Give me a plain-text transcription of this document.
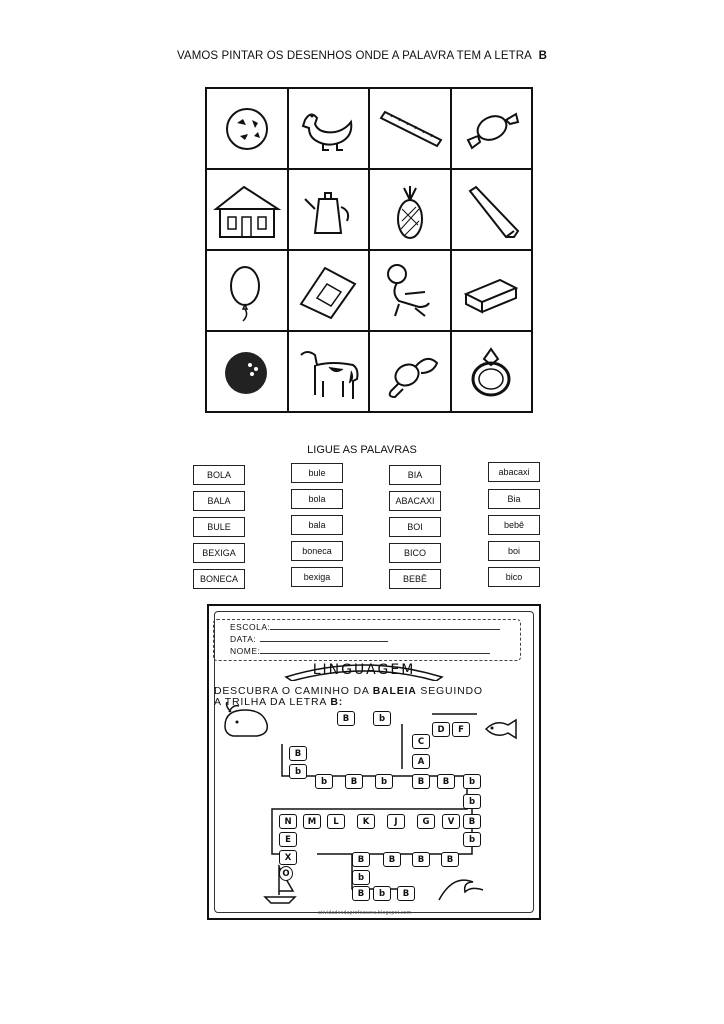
VAMOS PINTAR OS DESENHOS ONDE A PALAVRA TEM A LETRA B
LIGUE AS PALAVRAS
BOLA
BALA
BULE
BEXIGA
BONECA
bule
bola
bala
boneca
bexiga
BIA
ABACAXI
BOI
BICO
BEBÊ
abacaxi
Bia
bebê
boi
bico
ESCOLA:
DATA:
NOME:
LINGUAGEM
DESCUBRA O CAMINHO DA BALEIA SEGUINDO
A TRILHA DA LETRA B:
B	b
D	F
C
A
B
b
b	B	b	B	B	b
b
N	M	L	K	J	G	V	B
E	b
X	B	B	B	B
O	b
B	b	B
atividadesdaprofessora.blogspot.com
